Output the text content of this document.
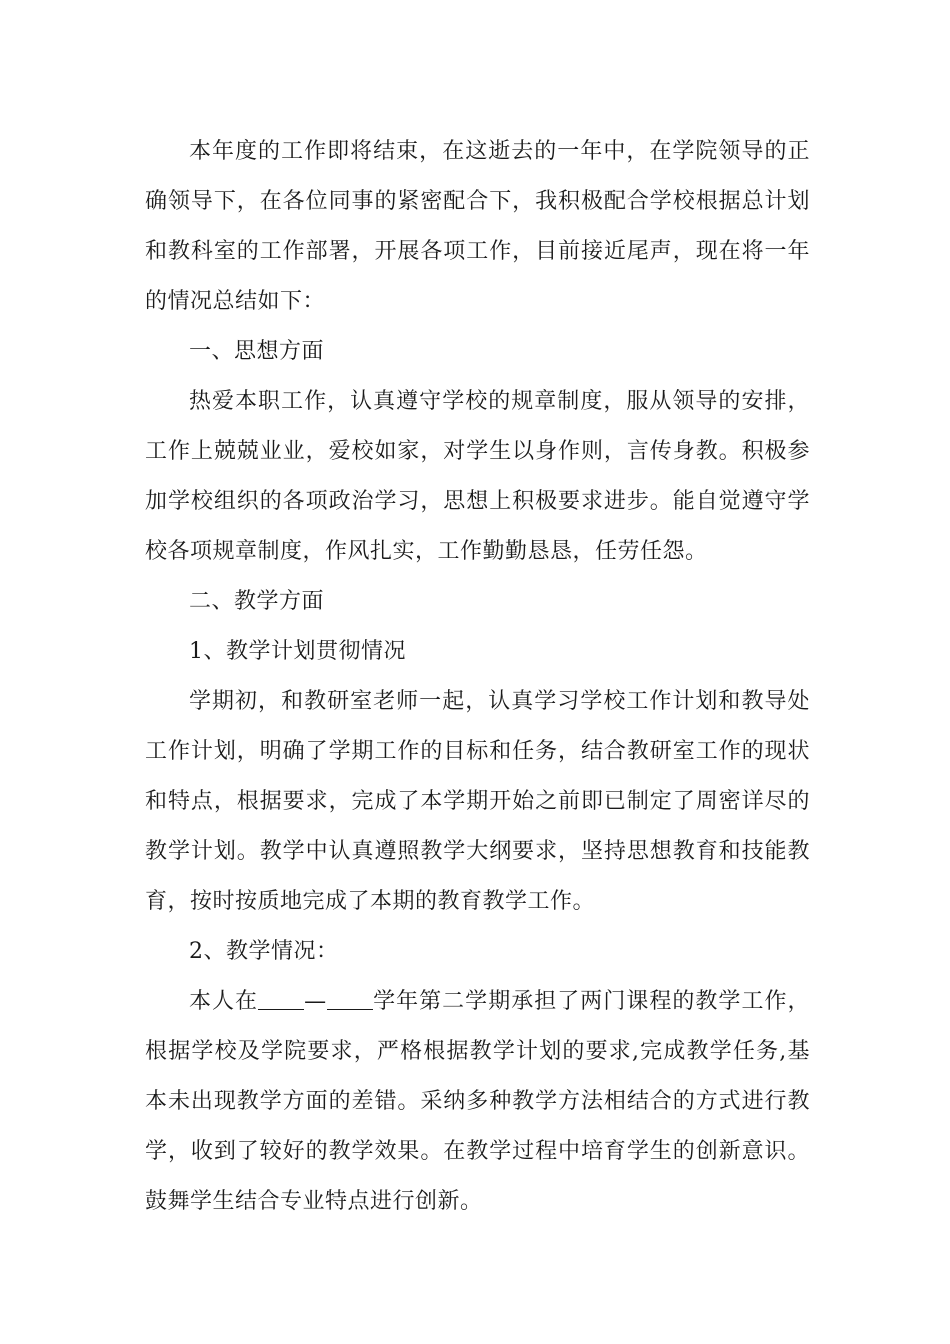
本年度的工作即将结束，在这逝去的一年中，在学院领导的正确领导下，在各位同事的紧密配合下，我积极配合学校根据总计划和教科室的工作部署，开展各项工作，目前接近尾声，现在将一年的情况总结如下：

一、思想方面

热爱本职工作，认真遵守学校的规章制度，服从领导的安排，工作上兢兢业业，爱校如家，对学生以身作则，言传身教。积极参加学校组织的各项政治学习，思想上积极要求进步。能自觉遵守学校各项规章制度，作风扎实，工作勤勤恳恳，任劳任怨。

二、教学方面

1、教学计划贯彻情况

学期初，和教研室老师一起，认真学习学校工作计划和教导处工作计划，明确了学期工作的目标和任务，结合教研室工作的现状和特点，根据要求，完成了本学期开始之前即已制定了周密详尽的教学计划。教学中认真遵照教学大纲要求，坚持思想教育和技能教育，按时按质地完成了本期的教育教学工作。

2、教学情况：

本人在 — 学年第二学期承担了两门课程的教学工作，根据学校及学院要求，严格根据教学计划的要求,完成教学任务,基本未出现教学方面的差错。采纳多种教学方法相结合的方式进行教学，收到了较好的教学效果。在教学过程中培育学生的创新意识。鼓舞学生结合专业特点进行创新。
